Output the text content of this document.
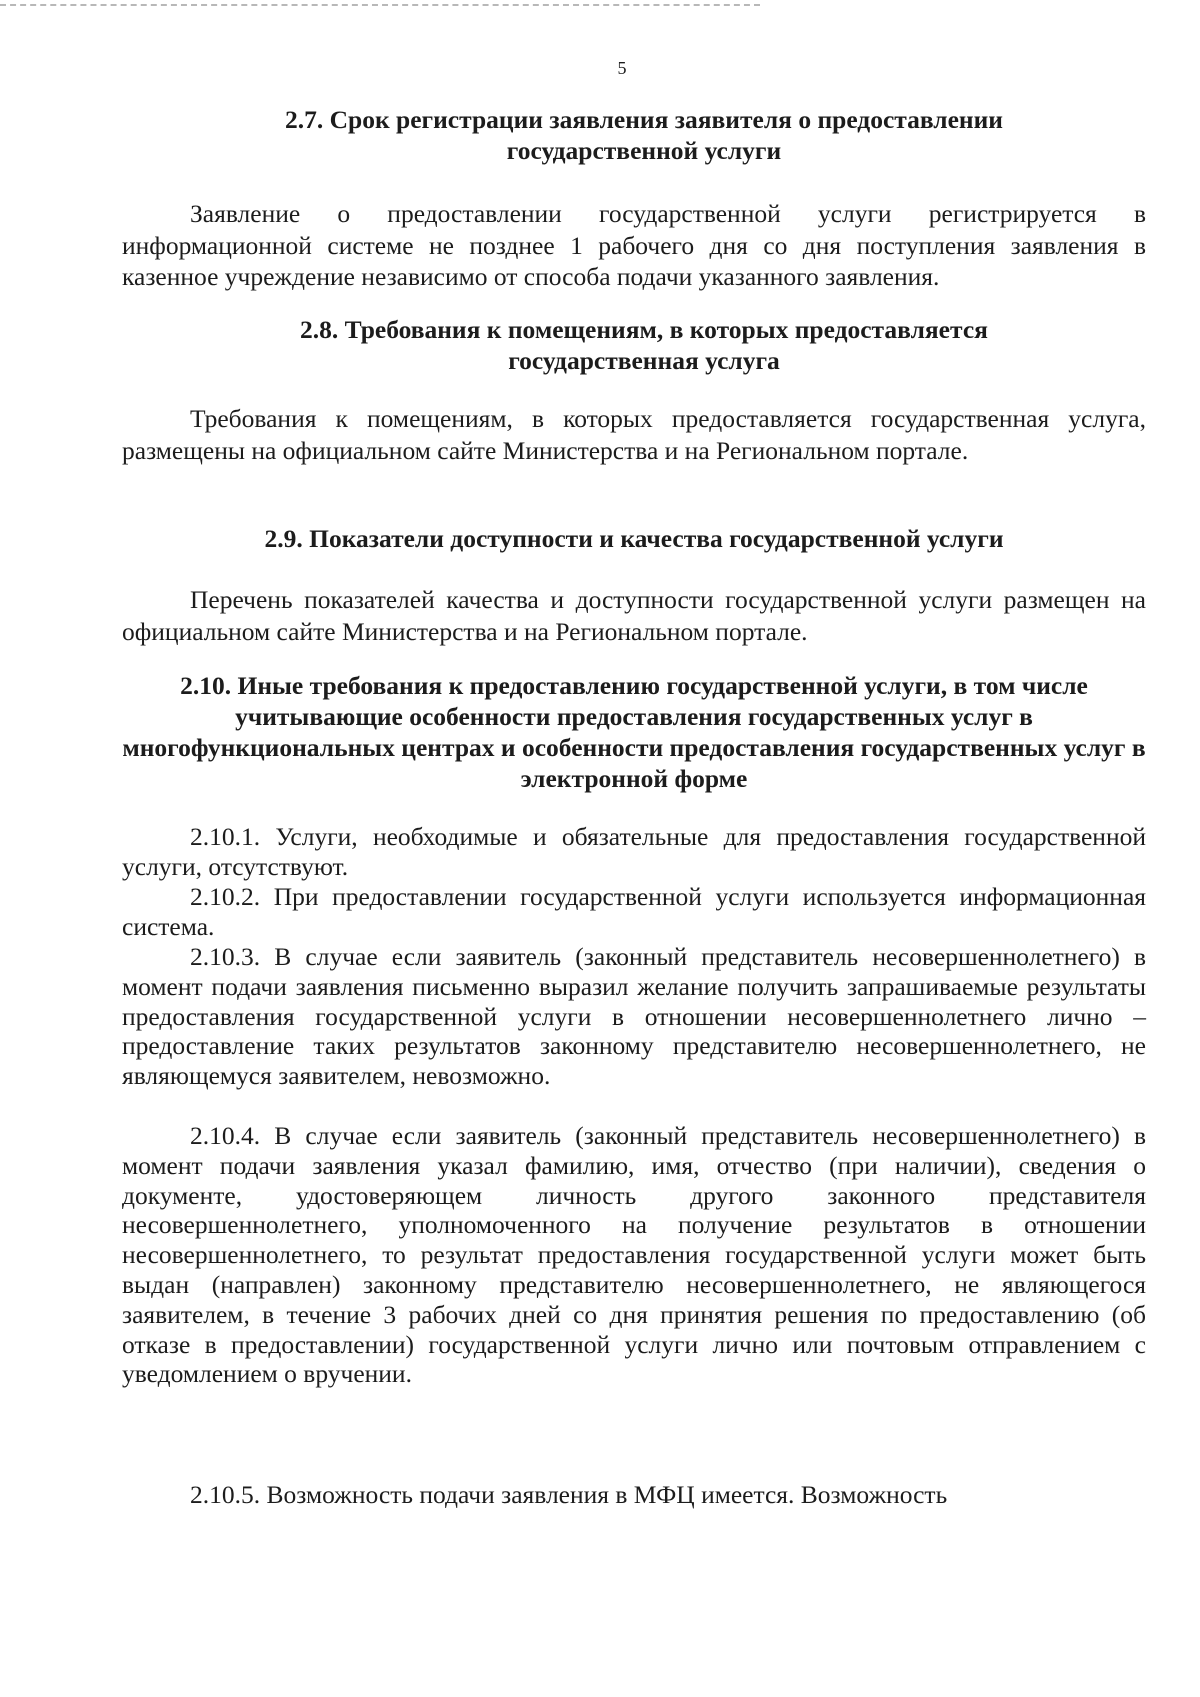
5
2.7. Срок регистрации заявления заявителя о предоставлении государственной услуги

Заявление о предоставлении государственной услуги регистрируется в информационной системе не позднее 1 рабочего дня со дня поступления заявления в казенное учреждение независимо от способа подачи указанного заявления.

2.8. Требования к помещениям, в которых предоставляется государственная услуга

Требования к помещениям, в которых предоставляется государственная услуга, размещены на официальном сайте Министерства и на Региональном портале.

2.9. Показатели доступности и качества государственной услуги

Перечень показателей качества и доступности государственной услуги размещен на официальном сайте Министерства и на Региональном портале.

2.10. Иные требования к предоставлению государственной услуги, в том числе учитывающие особенности предоставления государственных услуг в многофункциональных центрах и особенности предоставления государственных услуг в электронной форме

2.10.1. Услуги, необходимые и обязательные для предоставления государственной услуги, отсутствуют.

2.10.2. При предоставлении государственной услуги используется информационная система.

2.10.3. В случае если заявитель (законный представитель несовершеннолетнего) в момент подачи заявления письменно выразил желание получить запрашиваемые результаты предоставления государственной услуги в отношении несовершеннолетнего лично – предоставление таких результатов законному представителю несовершеннолетнего, не являющемуся заявителем, невозможно.

2.10.4. В случае если заявитель (законный представитель несовершеннолетнего) в момент подачи заявления указал фамилию, имя, отчество (при наличии), сведения о документе, удостоверяющем личность другого законного представителя несовершеннолетнего, уполномоченного на получение результатов в отношении несовершеннолетнего, то результат предоставления государственной услуги может быть выдан (направлен) законному представителю несовершеннолетнего, не являющегося заявителем, в течение 3 рабочих дней со дня принятия решения по предоставлению (об отказе в предоставлении) государственной услуги лично или почтовым отправлением с уведомлением о вручении.

2.10.5. Возможность подачи заявления в МФЦ имеется. Возможность
